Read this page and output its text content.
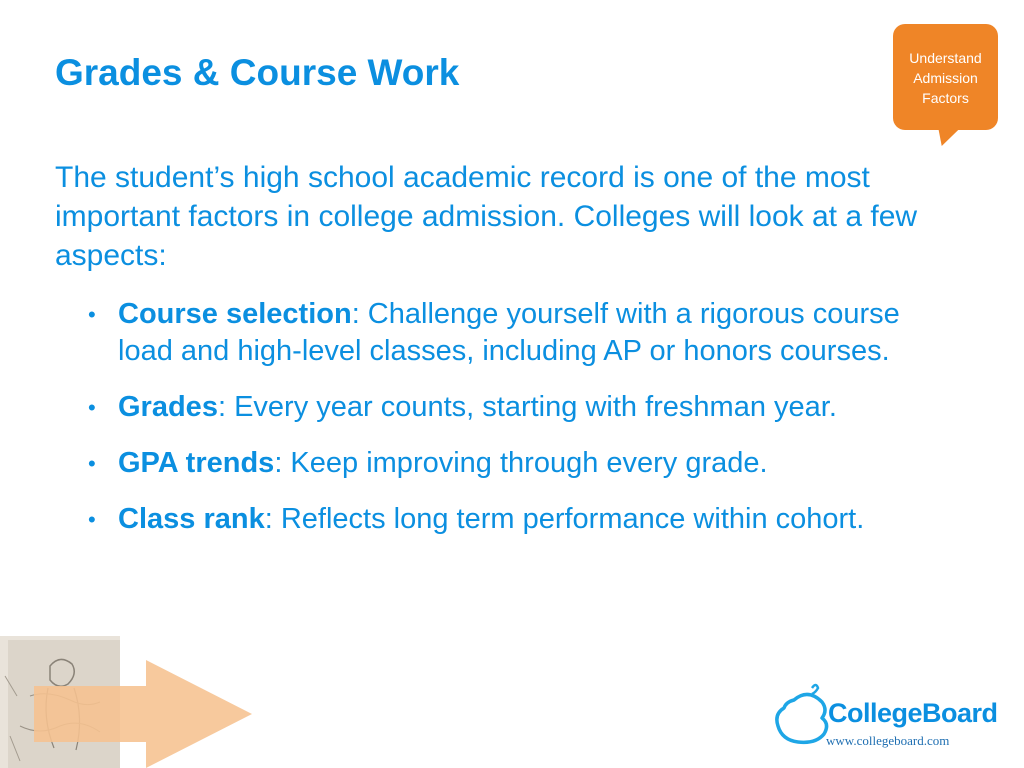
Grades & Course Work	Understand
Admission
Factors

The student’s high school academic record is one of the most important factors in college admission. Colleges will look at a few aspects:

• Course selection: Challenge yourself with a rigorous course load and high-level classes, including AP or honors courses.
• Grades: Every year counts, starting with freshman year.
• GPA trends: Keep improving through every grade.
• Class rank: Reflects long term performance within cohort.
CollegeBoard
www.collegeboard.com
